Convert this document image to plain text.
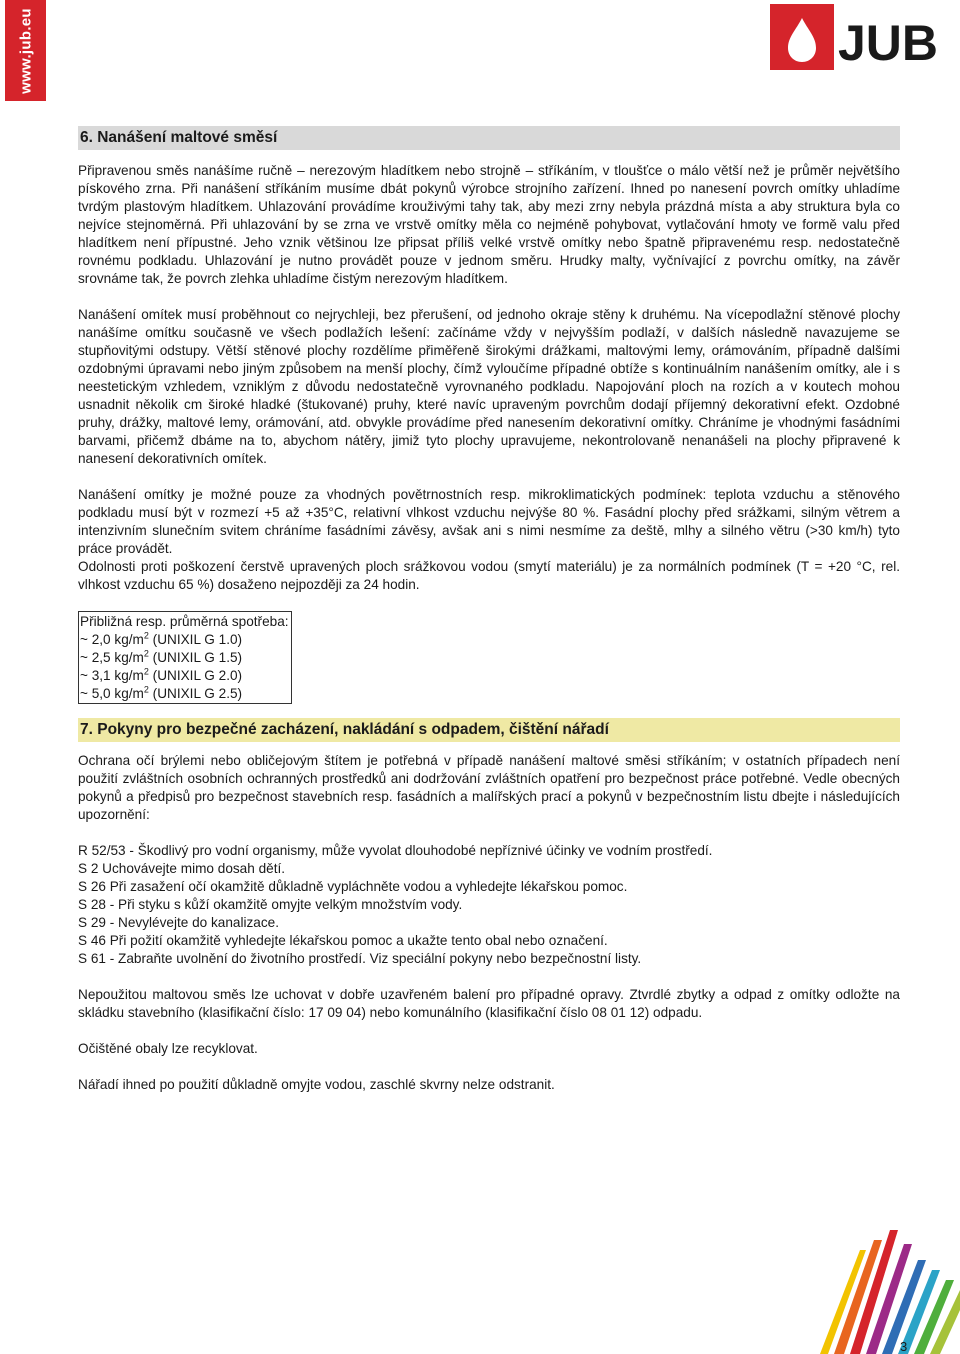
www.jub.eu	JUB
6. Nanášení maltové směsí

Připravenou směs nanášíme ručně – nerezovým hladítkem nebo strojně – stříkáním, v tloušťce o málo větší než je průměr největšího pískového zrna. Při nanášení stříkáním musíme dbát pokynů výrobce strojního zařízení. Ihned po nanesení povrch omítky uhladíme tvrdým plastovým hladítkem. Uhlazování provádíme krouživými tahy tak, aby mezi zrny nebyla prázdná místa a aby struktura byla co nejvíce stejnoměrná. Při uhlazování by se zrna ve vrstvě omítky měla co nejméně pohybovat, vytlačování hmoty ve formě valu před hladítkem není přípustné. Jeho vznik většinou lze připsat příliš velké vrstvě omítky nebo špatně připravenému resp. nedostatečně rovnému podkladu. Uhlazování je nutno provádět pouze v jednom směru. Hrudky malty, vyčnívající z povrchu omítky, na závěr srovnáme tak, že povrch zlehka uhladíme čistým nerezovým hladítkem.

Nanášení omítek musí proběhnout co nejrychleji, bez přerušení, od jednoho okraje stěny k druhému. Na vícepodlažní stěnové plochy nanášíme omítku současně ve všech podlažích lešení: začínáme vždy v nejvyšším podlaží, v dalších následně navazujeme se stupňovitými odstupy. Větší stěnové plochy rozdělíme přiměřeně širokými drážkami, maltovými lemy, orámováním, případně dalšími ozdobnými úpravami nebo jiným způsobem na menší plochy, čímž vyloučíme případné obtíže s kontinuálním nanášením omítky, ale i s neestetickým vzhledem, vzniklým z důvodu nedostatečně vyrovnaného podkladu. Napojování ploch na rozích a v koutech mohou usnadnit několik cm široké hladké (štukované) pruhy, které navíc upraveným povrchům dodají příjemný dekorativní efekt. Ozdobné pruhy, drážky, maltové lemy, orámování, atd. obvykle provádíme před nanesením dekorativní omítky. Chráníme je vhodnými fasádními barvami, přičemž dbáme na to, abychom nátěry, jimiž tyto plochy upravujeme, nekontrolovaně nenanášeli na plochy připravené k nanesení dekorativních omítek.

Nanášení omítky je možné pouze za vhodných povětrnostních resp. mikroklimatických podmínek: teplota vzduchu a stěnového podkladu musí být v rozmezí +5 až +35°C, relativní vlhkost vzduchu nejvýše 80 %. Fasádní plochy před srážkami, silným větrem a intenzivním slunečním svitem chráníme fasádními závěsy, avšak ani s nimi nesmíme za deště, mlhy a silného větru (>30 km/h) tyto práce provádět.

Odolnosti proti poškození čerstvě upravených ploch srážkovou vodou (smytí materiálu) je za normálních podmínek (T = +20 °C, rel. vlhkost vzduchu 65 %) dosaženo nejpozději za 24 hodin.

Přibližná resp. průměrná spotřeba:
~ 2,0 $kg/m^2$ (UNIXIL G 1.0)
~ 2,5 $kg/m^2$ (UNIXIL G 1.5)
~ 3,1 $kg/m^2$ (UNIXIL G 2.0)
~ 5,0 $kg/m^2$ (UNIXIL G 2.5)
7. Pokyny pro bezpečné zacházení, nakládání s odpadem, čištění nářadí

Ochrana očí brýlemi nebo obličejovým štítem je potřebná v případě nanášení maltové směsi stříkáním; v ostatních případech není použití zvláštních osobních ochranných prostředků ani dodržování zvláštních opatření pro bezpečnost práce potřebné. Vedle obecných pokynů a předpisů pro bezpečnost stavebních resp. fasádních a malířských prací a pokynů v bezpečnostním listu dbejte i následujících upozornění:

R 52/53 - Škodlivý pro vodní organismy, může vyvolat dlouhodobé nepříznivé účinky ve vodním prostředí.
S 2 Uchovávejte mimo dosah dětí.
S 26 Při zasažení očí okamžitě důkladně vypláchněte vodou a vyhledejte lékařskou pomoc.
S 28 - Při styku s kůží okamžitě omyjte velkým množstvím vody.
S 29 - Nevylévejte do kanalizace.
S 46 Při požití okamžitě vyhledejte lékařskou pomoc a ukažte tento obal nebo označení.
S 61 - Zabraňte uvolnění do životního prostředí. Viz speciální pokyny nebo bezpečnostní listy.

Nepoužitou maltovou směs lze uchovat v dobře uzavřeném balení pro případné opravy. Ztvrdlé zbytky a odpad z omítky odložte na skládku stavebního (klasifikační číslo: 17 09 04) nebo komunálního (klasifikační číslo 08 01 12) odpadu.

Očištěné obaly lze recyklovat.

Nářadí ihned po použití důkladně omyjte vodou, zaschlé skvrny nelze odstranit.

3
